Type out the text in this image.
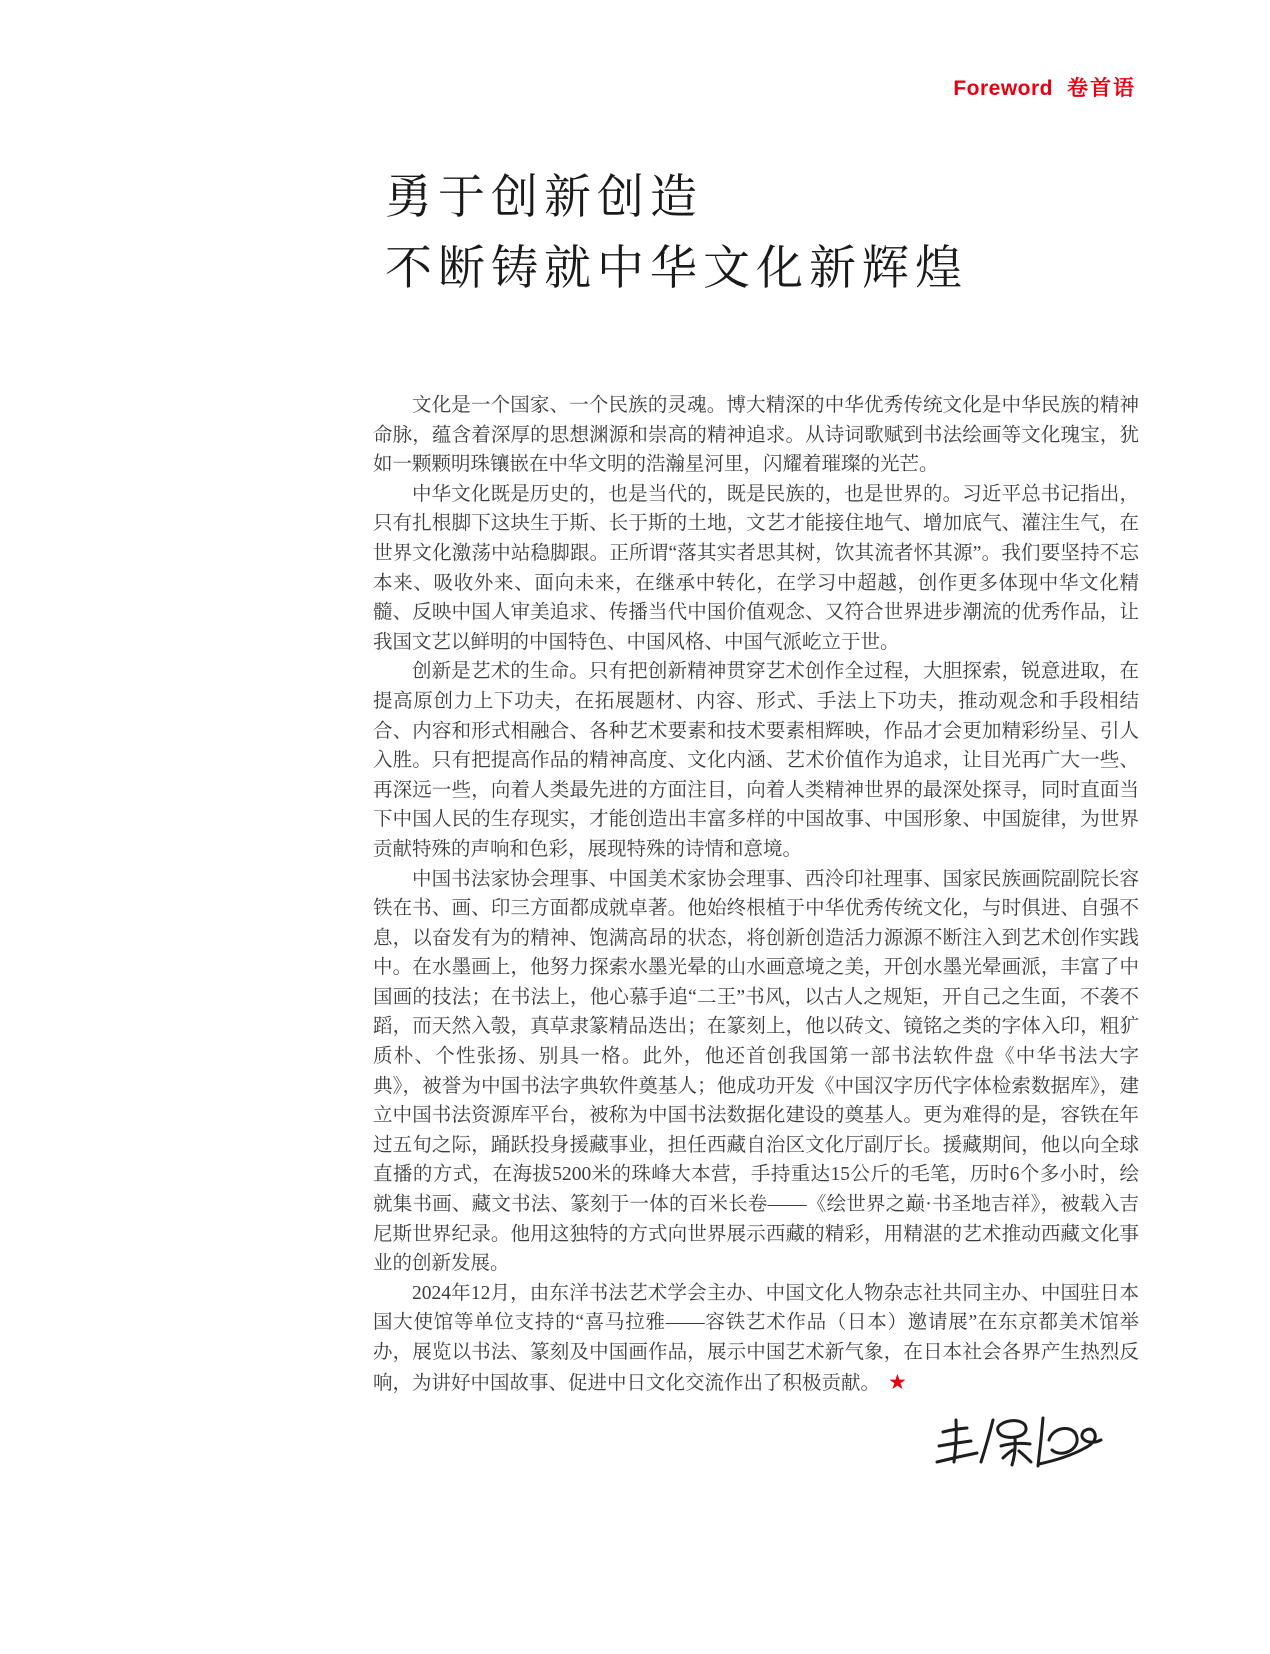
Foreword 卷首语
勇于创新创造
不断铸就中华文化新辉煌

文化是一个国家、一个民族的灵魂。博大精深的中华优秀传统文化是中华民族的精神命脉，蕴含着深厚的思想渊源和崇高的精神追求。从诗词歌赋到书法绘画等文化瑰宝，犹如一颗颗明珠镶嵌在中华文明的浩瀚星河里，闪耀着璀璨的光芒。

中华文化既是历史的，也是当代的，既是民族的，也是世界的。习近平总书记指出，只有扎根脚下这块生于斯、长于斯的土地，文艺才能接住地气、增加底气、灌注生气，在世界文化激荡中站稳脚跟。正所谓“落其实者思其树，饮其流者怀其源”。我们要坚持不忘本来、吸收外来、面向未来，在继承中转化，在学习中超越，创作更多体现中华文化精髓、反映中国人审美追求、传播当代中国价值观念、又符合世界进步潮流的优秀作品，让我国文艺以鲜明的中国特色、中国风格、中国气派屹立于世。

创新是艺术的生命。只有把创新精神贯穿艺术创作全过程，大胆探索，锐意进取，在提高原创力上下功夫，在拓展题材、内容、形式、手法上下功夫，推动观念和手段相结合、内容和形式相融合、各种艺术要素和技术要素相辉映，作品才会更加精彩纷呈、引人入胜。只有把提高作品的精神高度、文化内涵、艺术价值作为追求，让目光再广大一些、再深远一些，向着人类最先进的方面注目，向着人类精神世界的最深处探寻，同时直面当下中国人民的生存现实，才能创造出丰富多样的中国故事、中国形象、中国旋律，为世界贡献特殊的声响和色彩，展现特殊的诗情和意境。

中国书法家协会理事、中国美术家协会理事、西泠印社理事、国家民族画院副院长容铁在书、画、印三方面都成就卓著。他始终根植于中华优秀传统文化，与时俱进、自强不息，以奋发有为的精神、饱满高昂的状态，将创新创造活力源源不断注入到艺术创作实践中。在水墨画上，他努力探索水墨光晕的山水画意境之美，开创水墨光晕画派，丰富了中国画的技法；在书法上，他心慕手追“二王”书风，以古人之规矩，开自己之生面，不袭不蹈，而天然入彀，真草隶篆精品迭出；在篆刻上，他以砖文、镜铭之类的字体入印，粗犷质朴、个性张扬、别具一格。此外，他还首创我国第一部书法软件盘《中华书法大字典》，被誉为中国书法字典软件奠基人；他成功开发《中国汉字历代字体检索数据库》，建立中国书法资源库平台，被称为中国书法数据化建设的奠基人。更为难得的是，容铁在年过五旬之际，踊跃投身援藏事业，担任西藏自治区文化厅副厅长。援藏期间，他以向全球直播的方式，在海拔5200米的珠峰大本营，手持重达15公斤的毛笔，历时6个多小时，绘就集书画、藏文书法、篆刻于一体的百米长卷——《绘世界之巅·书圣地吉祥》，被载入吉尼斯世界纪录。他用这独特的方式向世界展示西藏的精彩，用精湛的艺术推动西藏文化事业的创新发展。

2024年12月，由东洋书法艺术学会主办、中国文化人物杂志社共同主办、中国驻日本国大使馆等单位支持的“喜马拉雅——容铁艺术作品（日本）邀请展”在东京都美术馆举办，展览以书法、篆刻及中国画作品，展示中国艺术新气象，在日本社会各界产生热烈反响，为讲好中国故事、促进中日文化交流作出了积极贡献。 ★
